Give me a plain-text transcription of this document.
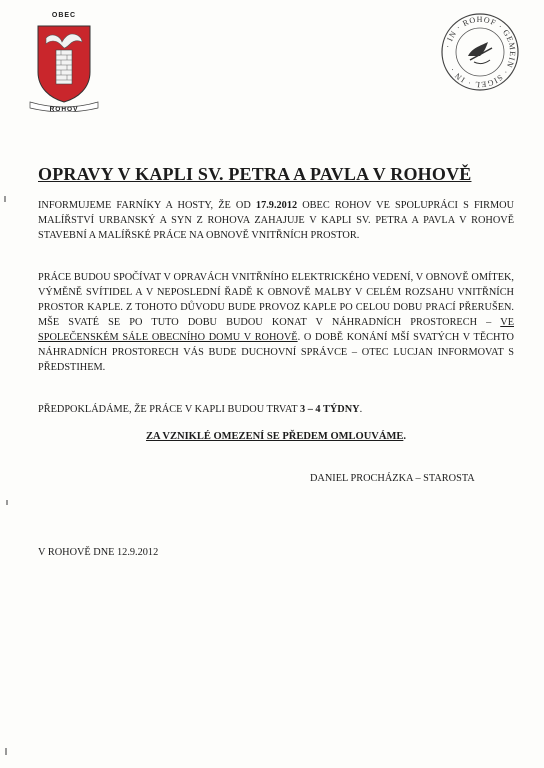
OBEC
ROHOV
· IN · ROHOF · GEMEIN · SIGEL · IN ·
OPRAVY V KAPLI SV. PETRA A PAVLA V ROHOVĚ
INFORMUJEME FARNÍKY A HOSTY, ŽE OD 17.9.2012 OBEC ROHOV VE SPOLUPRÁCI S FIRMOU MALÍŘSTVÍ URBANSKÝ A SYN Z ROHOVA ZAHAJUJE V KAPLI SV. PETRA A PAVLA V ROHOVĚ STAVEBNÍ A MALÍŘSKÉ PRÁCE NA OBNOVĚ VNITŘNÍCH PROSTOR.
PRÁCE BUDOU SPOČÍVAT V OPRAVÁCH VNITŘNÍHO ELEKTRICKÉHO VEDENÍ, V OBNOVĚ OMÍTEK, VÝMĚNĚ SVÍTIDEL A V NEPOSLEDNÍ ŘADĚ K OBNOVĚ MALBY V CELÉM ROZSAHU VNITŘNÍCH PROSTOR KAPLE. Z TOHOTO DŮVODU BUDE PROVOZ KAPLE PO CELOU DOBU PRACÍ PŘERUŠEN. MŠE SVATÉ SE PO TUTO DOBU BUDOU KONAT V NÁHRADNÍCH PROSTORECH – VE SPOLEČENSKÉM SÁLE OBECNÍHO DOMU V ROHOVĚ. O DOBĚ KONÁNÍ MŠÍ SVATÝCH V TĚCHTO NÁHRADNÍCH PROSTORECH VÁS BUDE DUCHOVNÍ SPRÁVCE – OTEC LUCJAN INFORMOVAT S PŘEDSTIHEM.
PŘEDPOKLÁDÁME, ŽE PRÁCE V KAPLI BUDOU TRVAT 3 – 4 TÝDNY.
ZA VZNIKLÉ OMEZENÍ SE PŘEDEM OMLOUVÁME.
DANIEL PROCHÁZKA – STAROSTA
V ROHOVĚ DNE 12.9.2012
